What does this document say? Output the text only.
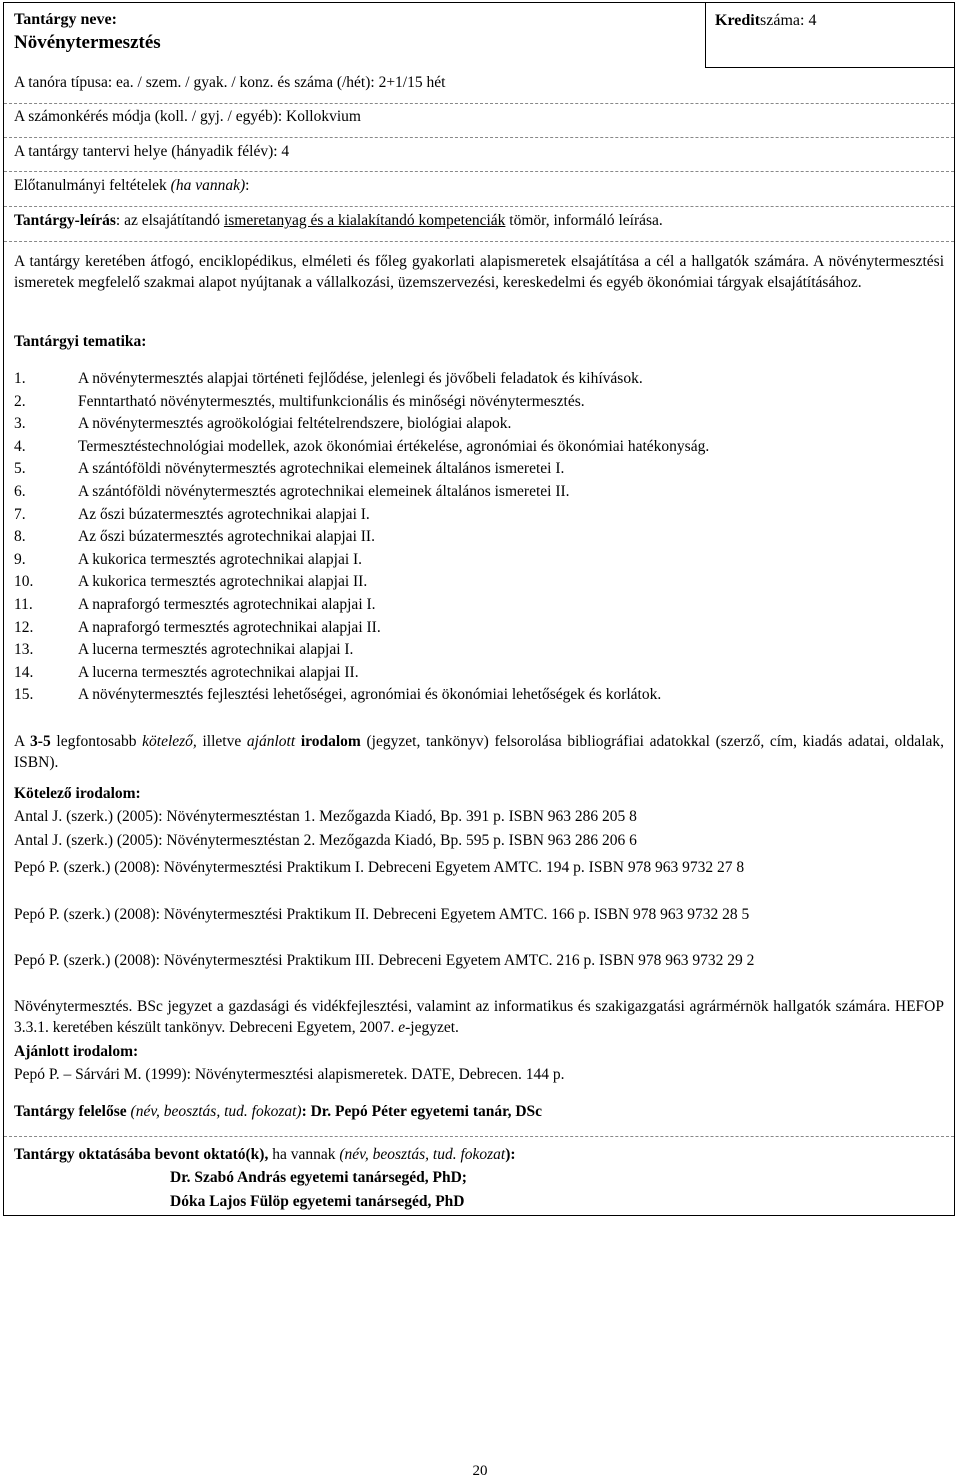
Tantárgy neve:
Növénytermesztés
Kreditszáma: 4
A tanóra típusa: ea. / szem. / gyak. / konz. és száma (/hét): 2+1/15 hét
A számonkérés módja (koll. / gyj. / egyéb): Kollokvium
A tantárgy tantervi helye (hányadik félév): 4
Előtanulmányi feltételek (ha vannak):
Tantárgy-leírás: az elsajátítandó ismeretanyag és a kialakítandó kompetenciák tömör, informáló leírása.
A tantárgy keretében átfogó, enciklopédikus, elméleti és főleg gyakorlati alapismeretek elsajátítása a cél a hallgatók számára. A növénytermesztési ismeretek megfelelő szakmai alapot nyújtanak a vállalkozási, üzemszervezési, kereskedelmi és egyéb ökonómiai tárgyak elsajátításához.
Tantárgyi tematika:
1.	A növénytermesztés alapjai történeti fejlődése, jelenlegi és jövőbeli feladatok és kihívások.
2.	Fenntartható növénytermesztés, multifunkcionális és minőségi növénytermesztés.
3.	A növénytermesztés agroökológiai feltételrendszere, biológiai alapok.
4.	Termesztéstechnológiai modellek, azok ökonómiai értékelése, agronómiai és ökonómiai hatékonyság.
5.	A szántóföldi növénytermesztés agrotechnikai elemeinek általános ismeretei I.
6.	A szántóföldi növénytermesztés agrotechnikai elemeinek általános ismeretei II.
7.	Az őszi búzatermesztés agrotechnikai alapjai I.
8.	Az őszi búzatermesztés agrotechnikai alapjai II.
9.	A kukorica termesztés agrotechnikai alapjai I.
10.	A kukorica termesztés agrotechnikai alapjai II.
11.	A napraforgó termesztés agrotechnikai alapjai I.
12.	A napraforgó termesztés agrotechnikai alapjai II.
13.	A lucerna termesztés agrotechnikai alapjai I.
14.	A lucerna termesztés agrotechnikai alapjai II.
15.	A növénytermesztés fejlesztési lehetőségei, agronómiai és ökonómiai lehetőségek és korlátok.
A 3-5 legfontosabb kötelező, illetve ajánlott irodalom (jegyzet, tankönyv) felsorolása bibliográfiai adatokkal (szerző, cím, kiadás adatai, oldalak, ISBN).
Kötelező irodalom:
Antal J. (szerk.) (2005): Növénytermesztéstan 1. Mezőgazda Kiadó, Bp. 391 p. ISBN 963 286 205 8
Antal J. (szerk.) (2005): Növénytermesztéstan 2. Mezőgazda Kiadó, Bp. 595 p. ISBN 963 286 206 6
Pepó P. (szerk.) (2008): Növénytermesztési Praktikum I. Debreceni Egyetem AMTC. 194 p. ISBN 978 963 9732 27 8
Pepó P. (szerk.) (2008): Növénytermesztési Praktikum II. Debreceni Egyetem AMTC. 166 p. ISBN 978 963 9732 28 5
Pepó P. (szerk.) (2008): Növénytermesztési Praktikum III. Debreceni Egyetem AMTC. 216 p. ISBN 978 963 9732 29 2
Növénytermesztés. BSc jegyzet a gazdasági és vidékfejlesztési, valamint az informatikus és szakigazgatási agrármérnök hallgatók számára. HEFOP 3.3.1. keretében készült tankönyv. Debreceni Egyetem, 2007. e-jegyzet.
Ajánlott irodalom:
Pepó P. – Sárvári M. (1999): Növénytermesztési alapismeretek. DATE, Debrecen. 144 p.
Tantárgy felelőse (név, beosztás, tud. fokozat): Dr. Pepó Péter egyetemi tanár, DSc
Tantárgy oktatásába bevont oktató(k), ha vannak (név, beosztás, tud. fokozat):
Dr. Szabó András egyetemi tanársegéd, PhD;
Dóka Lajos Fülöp egyetemi tanársegéd, PhD
20
